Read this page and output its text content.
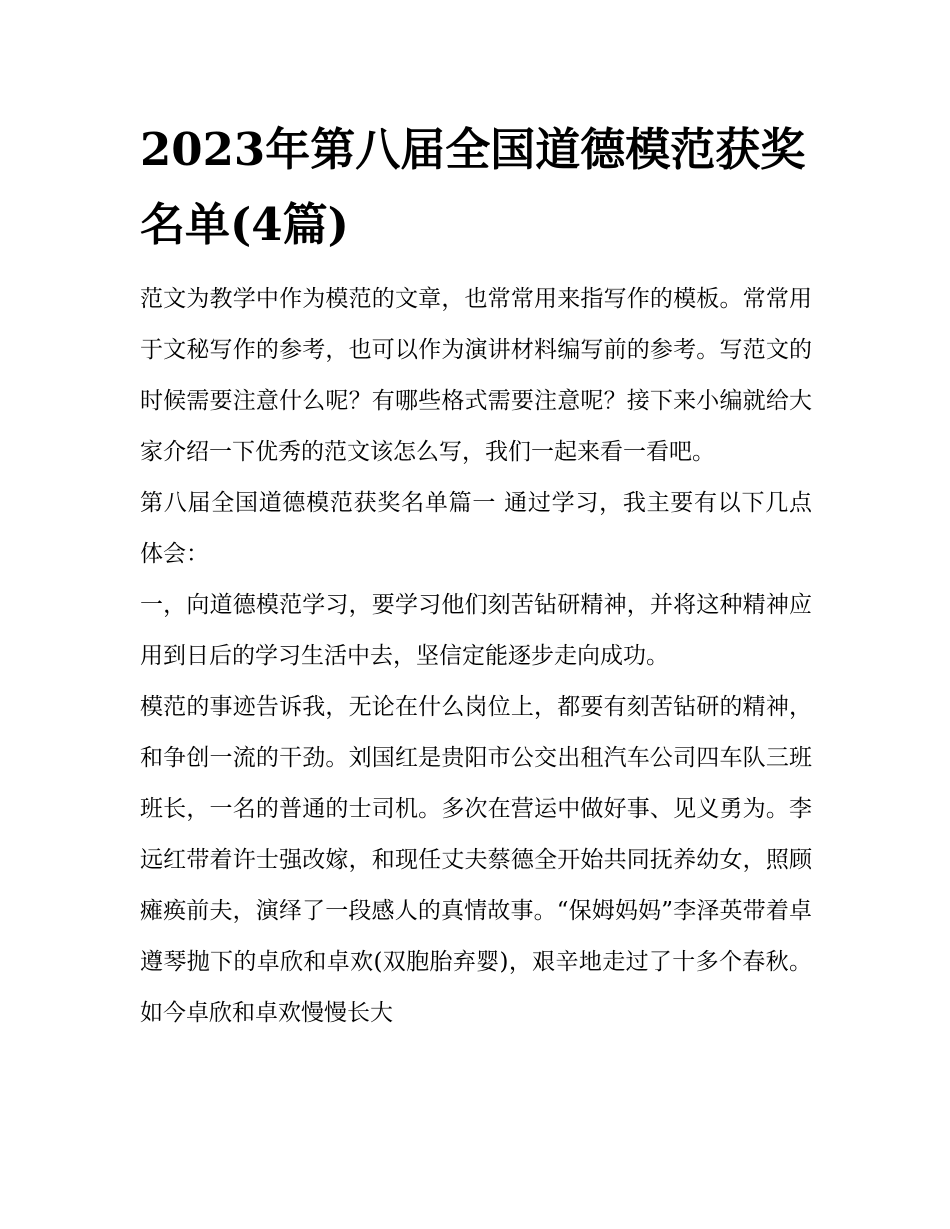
2023年第八届全国道德模范获奖名单(4篇)

范文为教学中作为模范的文章，也常常用来指写作的模板。常常用于文秘写作的参考，也可以作为演讲材料编写前的参考。写范文的时候需要注意什么呢？有哪些格式需要注意呢？接下来小编就给大家介绍一下优秀的范文该怎么写，我们一起来看一看吧。

第八届全国道德模范获奖名单篇一 通过学习，我主要有以下几点体会：

一，向道德模范学习，要学习他们刻苦钻研精神，并将这种精神应用到日后的学习生活中去，坚信定能逐步走向成功。

模范的事迹告诉我，无论在什么岗位上，都要有刻苦钻研的精神，和争创一流的干劲。刘国红是贵阳市公交出租汽车公司四车队三班班长，一名的普通的士司机。多次在营运中做好事、见义勇为。李远红带着许士强改嫁，和现任丈夫蔡德全开始共同抚养幼女，照顾瘫痪前夫，演绎了一段感人的真情故事。“保姆妈妈”李泽英带着卓遵琴抛下的卓欣和卓欢(双胞胎弃婴)，艰辛地走过了十多个春秋。如今卓欣和卓欢慢慢长大
